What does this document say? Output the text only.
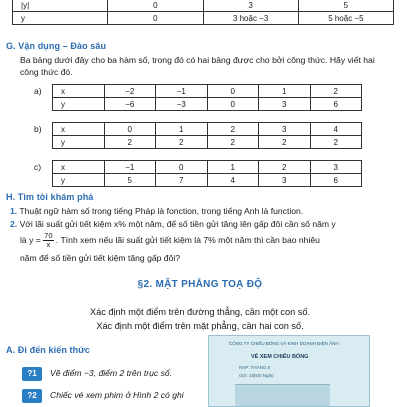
|y|	0	3	5
y	0	3 hoặc −3	5 hoặc −5
G. Vận dụng – Đào sâu
Ba bảng dưới đây cho ba hàm số, trong đó có hai bảng được cho bởi công thức. Hãy viết hai công thức đó.
a) x	−2	−1	0	1	2
y	−6	−3	0	3	6
b) x	0	1	2	3	4
y	2	2	2	2	2
c) x	−1	0	1	2	3
y	5	7	4	3	6
H. Tìm tòi khám phá
1. Thuật ngữ hàm số trong tiếng Pháp là fonction, trong tiếng Anh là function.
2. Với lãi suất gửi tiết kiệm x% một năm, để số tiền gửi tăng lên gấp đôi cần số năm y
là $y = \frac{70}{x}$ . Tính xem nếu lãi suất gửi tiết kiệm là 7% một năm thì cần bao nhiêu
năm để số tiền gửi tiết kiệm tăng gấp đôi?
§2. MẶT PHẲNG TOẠ ĐỘ
Xác định một điểm trên đường thẳng, cần một con số.
Xác định một điểm trên mặt phẳng, cần hai con số.
A. Đi đến kiến thức
?1	Vẽ điểm −3, điểm 2 trên trục số.
?2	Chiếc vé xem phim ở Hình 2 có ghi
CÔNG TY CHIẾU BÓNG VÀ KINH DOANH ĐIỆN ẢNH
VÉ XEM CHIẾU BÓNG
RẠP: THÁNG 8
Giờ: 18h00 Ngày:
